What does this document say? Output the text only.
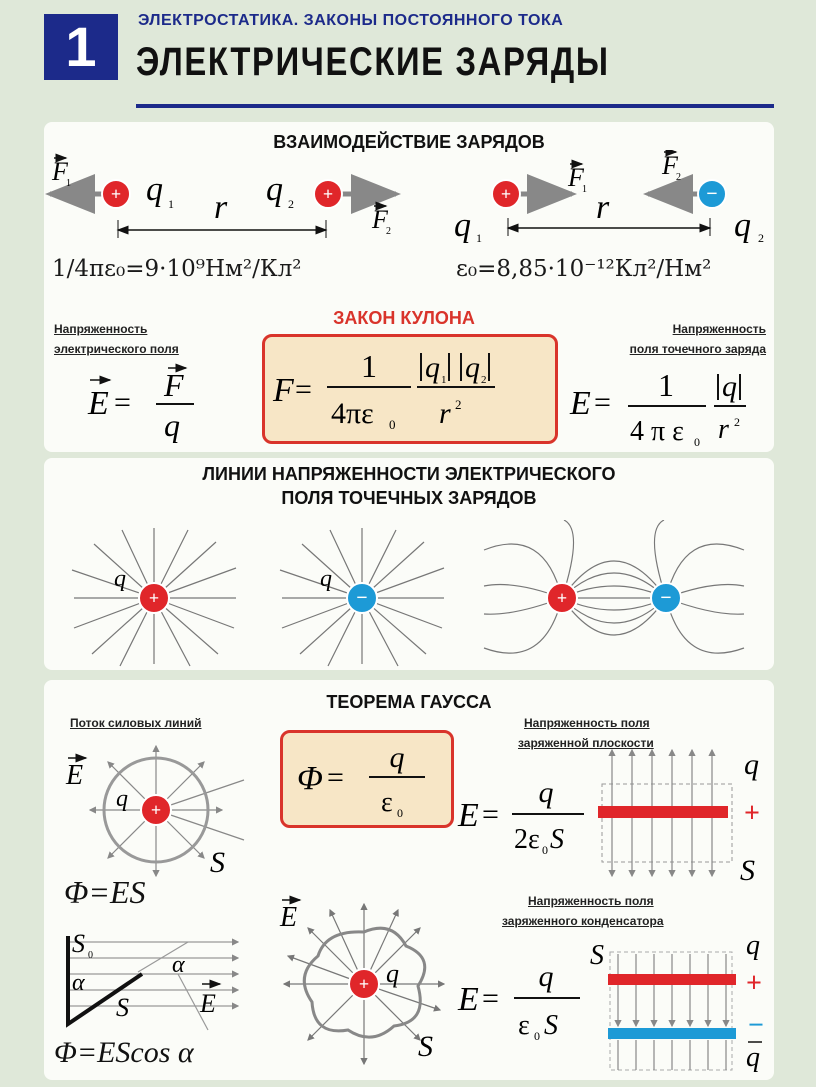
1	ЭЛЕКТРОСТАТИКА. ЗАКОНЫ ПОСТОЯННОГО ТОКА
ЭЛЕКТРИЧЕСКИЕ ЗАРЯДЫ
ВЗАИМОДЕЙСТВИЕ ЗАРЯДОВ
+	+
F
1 q 1 r q 2
F
2
+	−
q 1
F
1 r
F
2
q 2
1/4πε₀=9·10⁹Нм²/Кл²	ε₀=8,85·10⁻¹²Кл²/Нм²
ЗАКОН КУЛОНА
Напряженность
электрического поля
Напряженность
поля точечного заряда
E = F
q
F =
1
4πε 0
q 1 q 2
r 2	E = 1
4 π ε 0
q
r 2
ЛИНИИ НАПРЯЖЕННОСТИ ЭЛЕКТРИЧЕСКОГО
ПОЛЯ ТОЧЕЧНЫХ ЗАРЯДОВ
+
q
−
q
+	−
ТЕОРЕМА ГАУССА
Поток силовых линий	Напряженность поля
заряженной плоскости
Напряженность поля
заряженного конденсатора
+
q
E
S
Φ=ES
Φ =
q
ε 0 E =
q
2ε 0 S
q
+
S
S 0
α
α
S	E
Φ=EScos α
+ q
E
S
E =
q
ε 0 S
S	q
+
−
q
